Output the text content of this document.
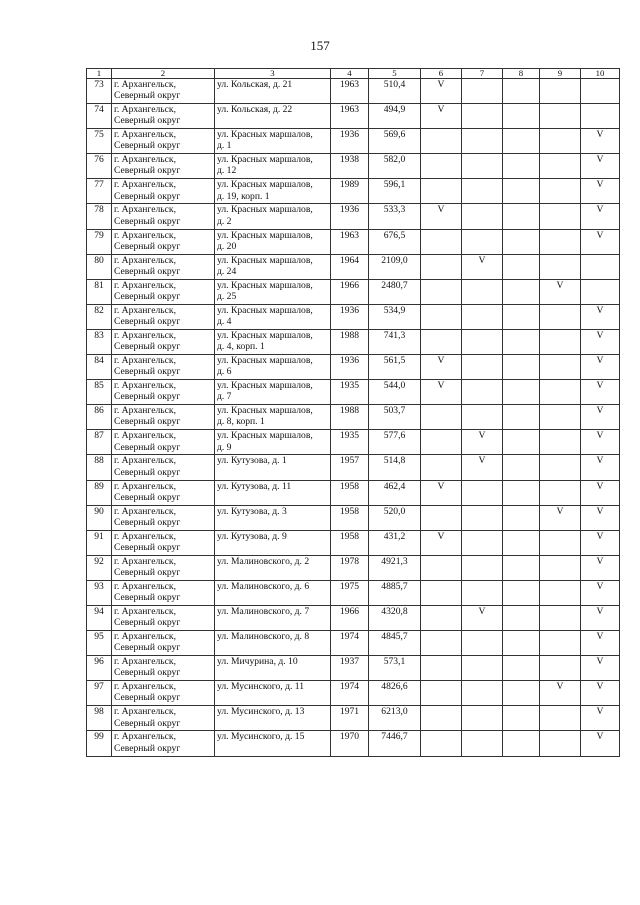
157
1	2	3	4	5	6	7	8	9	10
73	г. Архангельск,
Северный округ	ул. Кольская, д. 21	1963	510,4	V				
74	г. Архангельск,
Северный округ	ул. Кольская, д. 22	1963	494,9	V				
75	г. Архангельск,
Северный округ	ул. Красных маршалов,
д. 1	1936	569,6					V
76	г. Архангельск,
Северный округ	ул. Красных маршалов,
д. 12	1938	582,0					V
77	г. Архангельск,
Северный округ	ул. Красных маршалов,
д. 19, корп. 1	1989	596,1					V
78	г. Архангельск,
Северный округ	ул. Красных маршалов,
д. 2	1936	533,3	V				V
79	г. Архангельск,
Северный округ	ул. Красных маршалов,
д. 20	1963	676,5					V
80	г. Архангельск,
Северный округ	ул. Красных маршалов,
д. 24	1964	2109,0		V			
81	г. Архангельск,
Северный округ	ул. Красных маршалов,
д. 25	1966	2480,7				V	
82	г. Архангельск,
Северный округ	ул. Красных маршалов,
д. 4	1936	534,9					V
83	г. Архангельск,
Северный округ	ул. Красных маршалов,
д. 4, корп. 1	1988	741,3					V
84	г. Архангельск,
Северный округ	ул. Красных маршалов,
д. 6	1936	561,5	V				V
85	г. Архангельск,
Северный округ	ул. Красных маршалов,
д. 7	1935	544,0	V				V
86	г. Архангельск,
Северный округ	ул. Красных маршалов,
д. 8, корп. 1	1988	503,7					V
87	г. Архангельск,
Северный округ	ул. Красных маршалов,
д. 9	1935	577,6		V			V
88	г. Архангельск,
Северный округ	ул. Кутузова, д. 1	1957	514,8		V			V
89	г. Архангельск,
Северный округ	ул. Кутузова, д. 11	1958	462,4	V				V
90	г. Архангельск,
Северный округ	ул. Кутузова, д. 3	1958	520,0				V	V
91	г. Архангельск,
Северный округ	ул. Кутузова, д. 9	1958	431,2	V				V
92	г. Архангельск,
Северный округ	ул. Малиновского, д. 2	1978	4921,3					V
93	г. Архангельск,
Северный округ	ул. Малиновского, д. 6	1975	4885,7					V
94	г. Архангельск,
Северный округ	ул. Малиновского, д. 7	1966	4320,8		V			V
95	г. Архангельск,
Северный округ	ул. Малиновского, д. 8	1974	4845,7					V
96	г. Архангельск,
Северный округ	ул. Мичурина, д. 10	1937	573,1					V
97	г. Архангельск,
Северный округ	ул. Мусинского, д. 11	1974	4826,6				V	V
98	г. Архангельск,
Северный округ	ул. Мусинского, д. 13	1971	6213,0					V
99	г. Архангельск,
Северный округ	ул. Мусинского, д. 15	1970	7446,7					V
